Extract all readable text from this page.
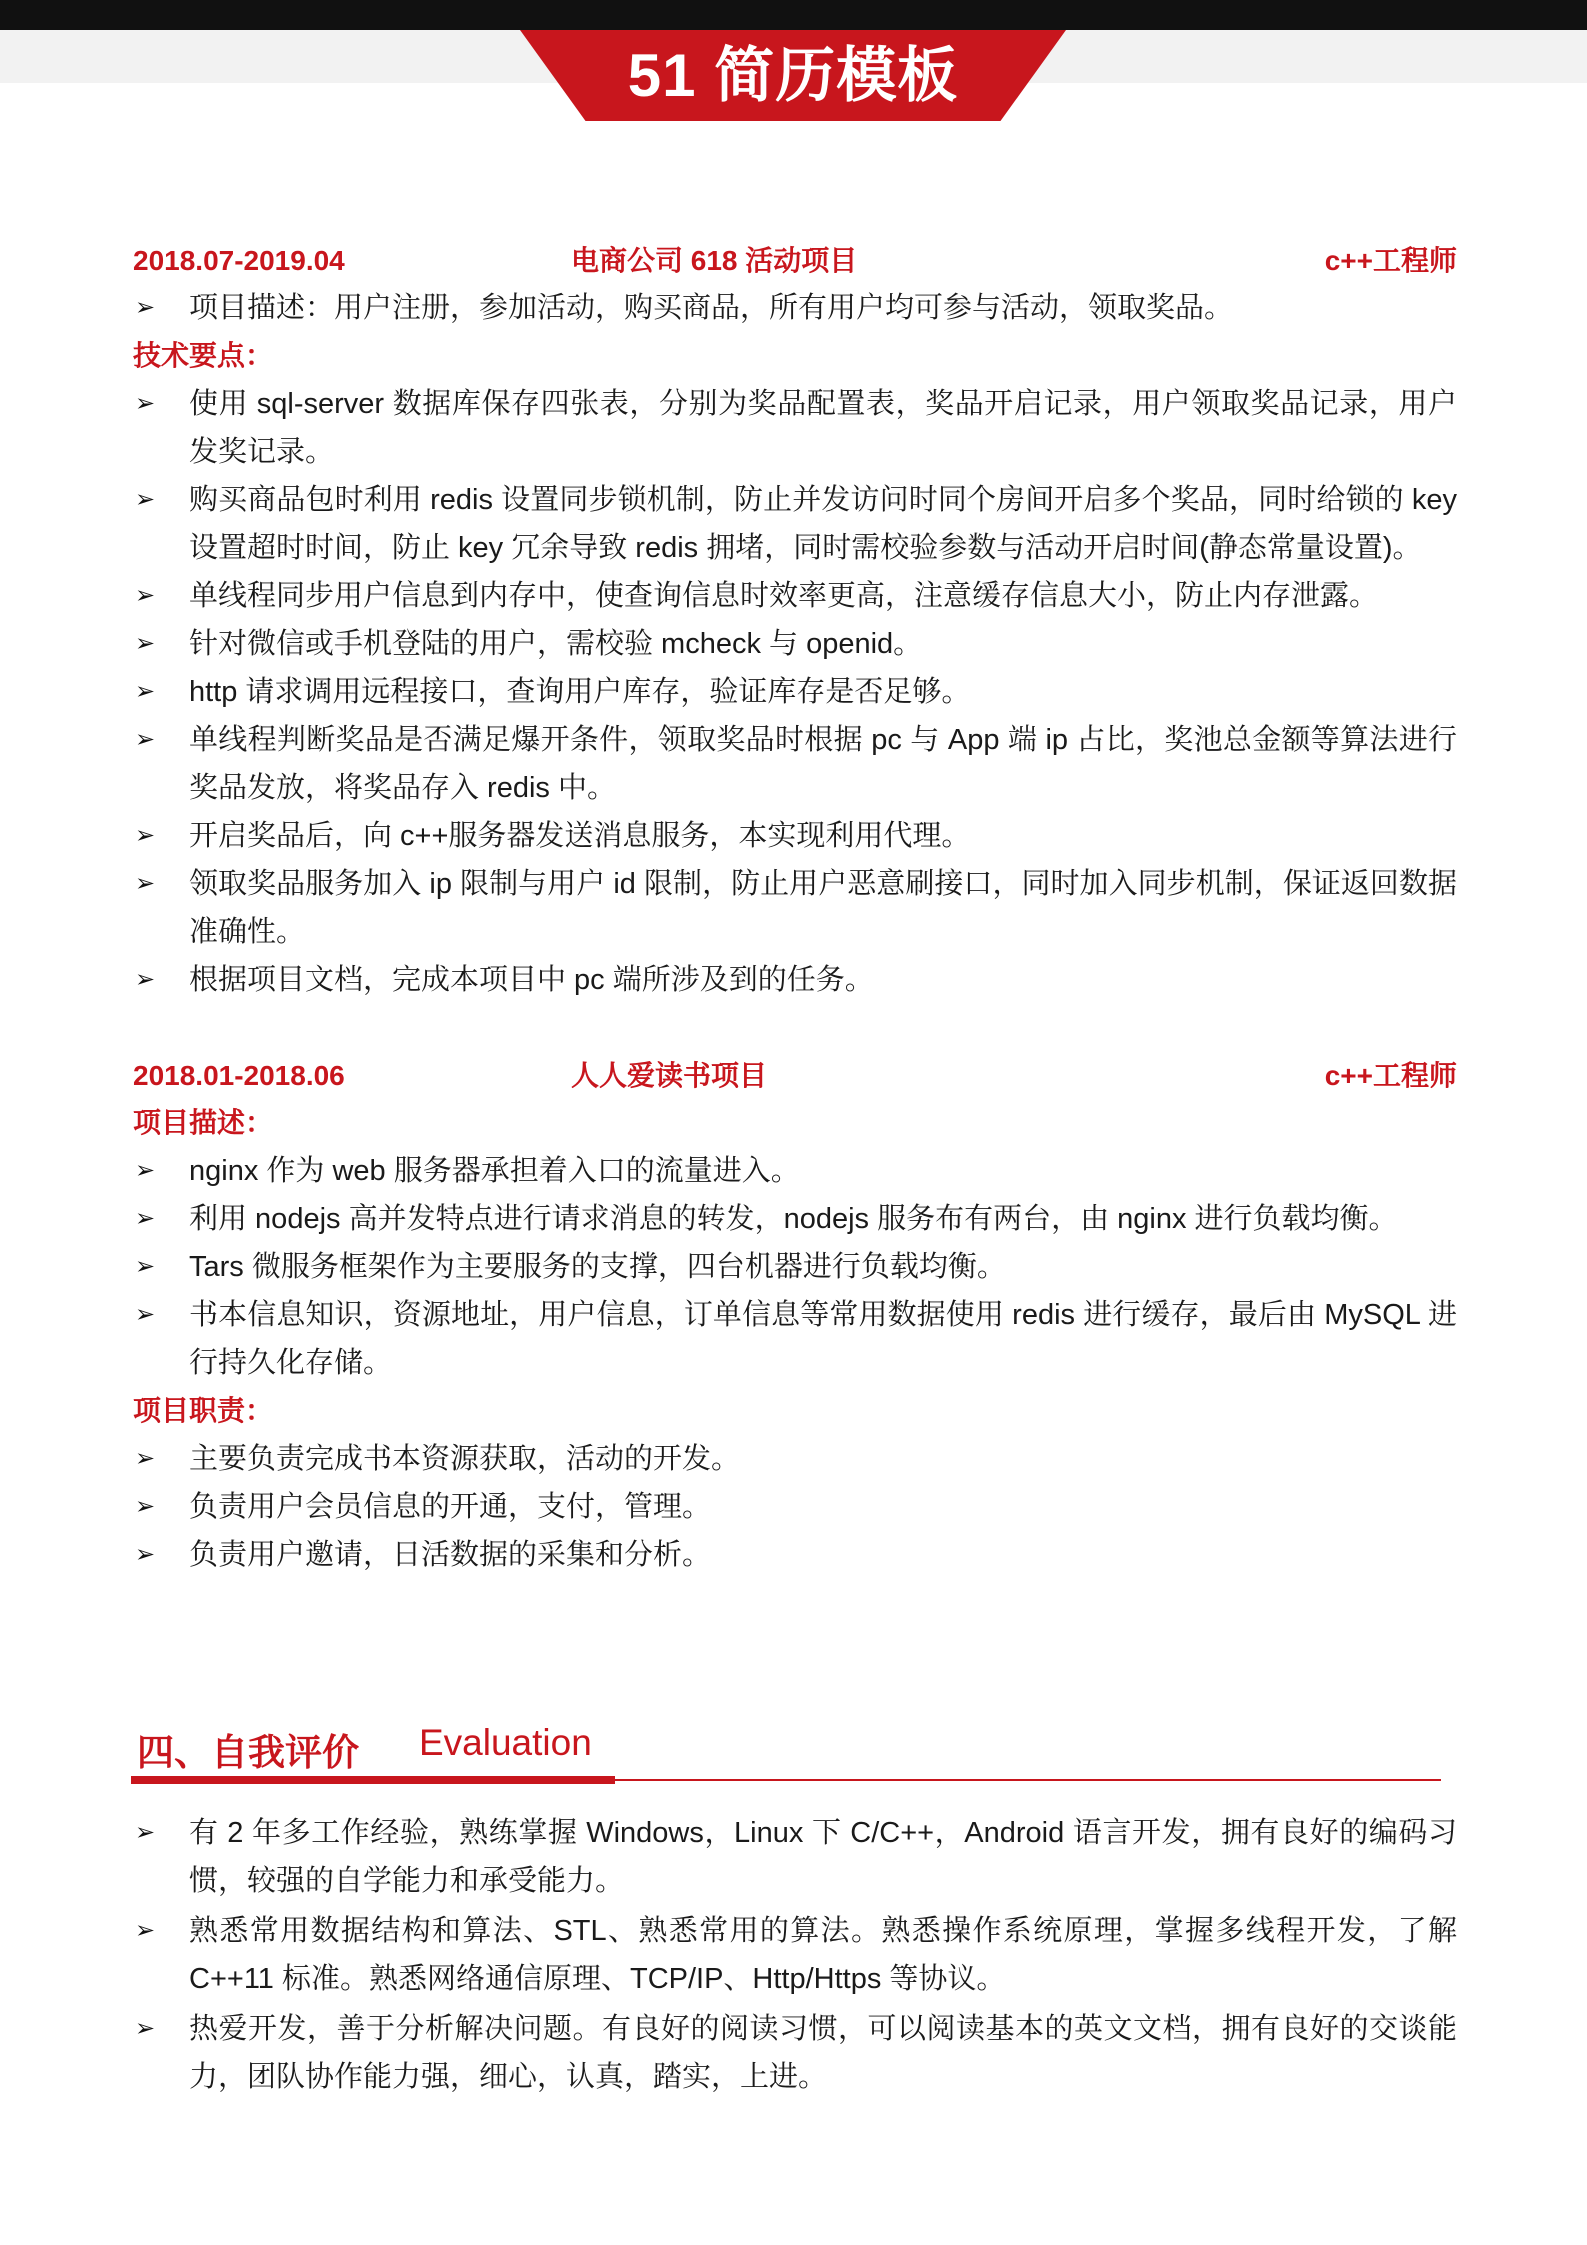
51 简历模板
2018.07-2019.04	电商公司 618 活动项目	c++工程师
➢ 项目描述：用户注册，参加活动，购买商品，所有用户均可参与活动，领取奖品。
技术要点：
➢ 使用 sql-server 数据库保存四张表，分别为奖品配置表，奖品开启记录，用户领取奖品记录，用户发奖记录。
➢ 购买商品包时利用 redis 设置同步锁机制，防止并发访问时同个房间开启多个奖品，同时给锁的 key 设置超时时间，防止 key 冗余导致 redis 拥堵，同时需校验参数与活动开启时间(静态常量设置)。
➢ 单线程同步用户信息到内存中，使查询信息时效率更高，注意缓存信息大小，防止内存泄露。
➢ 针对微信或手机登陆的用户，需校验 mcheck 与 openid。
➢ http 请求调用远程接口，查询用户库存，验证库存是否足够。
➢ 单线程判断奖品是否满足爆开条件，领取奖品时根据 pc 与 App 端 ip 占比，奖池总金额等算法进行奖品发放，将奖品存入 redis 中。
➢ 开启奖品后，向 c++服务器发送消息服务，本实现利用代理。
➢ 领取奖品服务加入 ip 限制与用户 id 限制，防止用户恶意刷接口，同时加入同步机制，保证返回数据准确性。
➢ 根据项目文档，完成本项目中 pc 端所涉及到的任务。
2018.01-2018.06	人人爱读书项目	c++工程师
项目描述：
➢ nginx 作为 web 服务器承担着入口的流量进入。
➢ 利用 nodejs 高并发特点进行请求消息的转发，nodejs 服务布有两台，由 nginx 进行负载均衡。
➢ Tars 微服务框架作为主要服务的支撑，四台机器进行负载均衡。
➢ 书本信息知识，资源地址，用户信息，订单信息等常用数据使用 redis 进行缓存，最后由 MySQL 进行持久化存储。
项目职责：
➢ 主要负责完成书本资源获取，活动的开发。
➢ 负责用户会员信息的开通，支付，管理。
➢ 负责用户邀请，日活数据的采集和分析。
四、自我评价 Evaluation
➢ 有 2 年多工作经验，熟练掌握 Windows，Linux 下 C/C++，Android 语言开发，拥有良好的编码习惯，较强的自学能力和承受能力。
➢ 熟悉常用数据结构和算法、STL、熟悉常用的算法。熟悉操作系统原理，掌握多线程开发，了解 C++11 标准。熟悉网络通信原理、TCP/IP、Http/Https 等协议。
➢ 热爱开发，善于分析解决问题。有良好的阅读习惯，可以阅读基本的英文文档，拥有良好的交谈能力，团队协作能力强，细心，认真，踏实，上进。
